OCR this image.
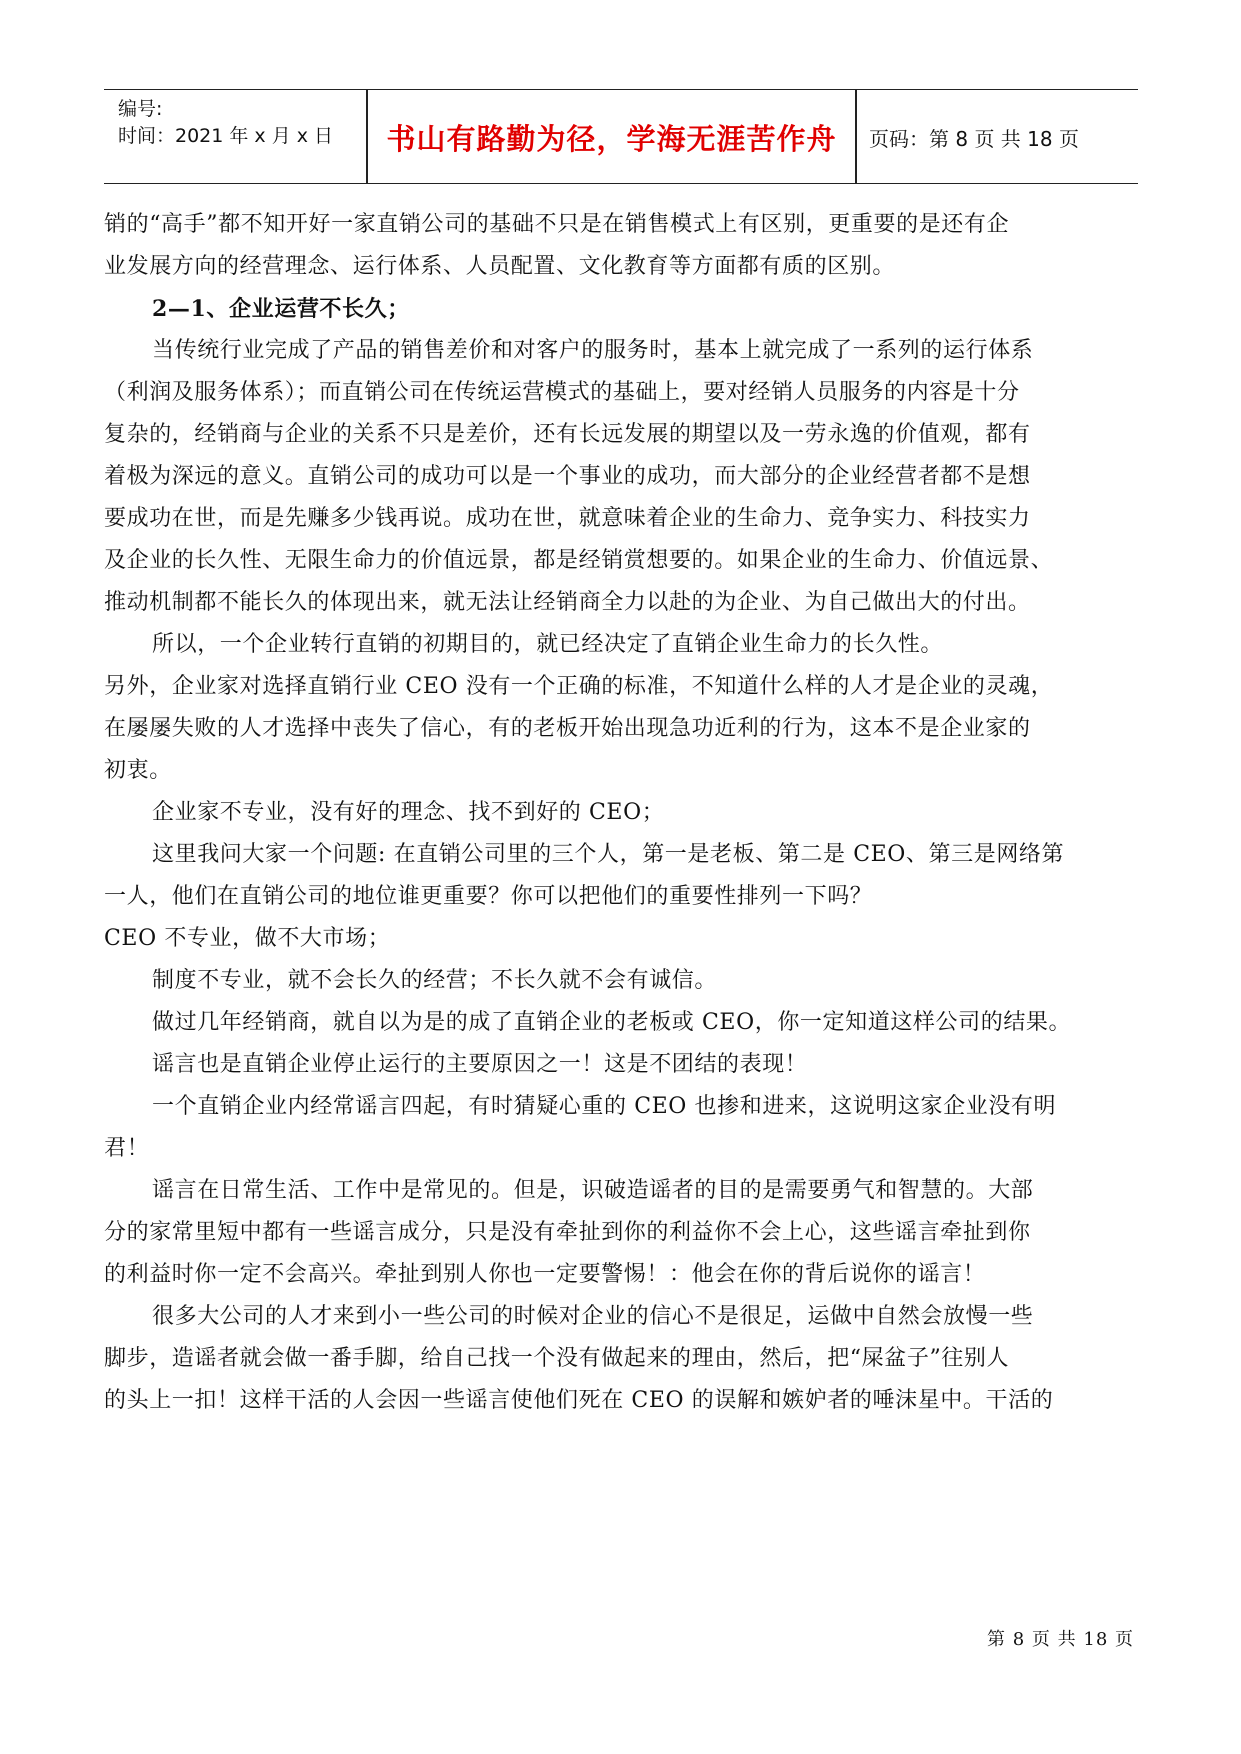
编号:
时间：2021 年 x 月 x 日	书山有路勤为径，学海无涯苦作舟	页码：第 8 页 共 18 页

销的“高手”都不知开好一家直销公司的基础不只是在销售模式上有区别，更重要的是还有企

业发展方向的经营理念、运行体系、人员配置、文化教育等方面都有质的区别。

2—1、企业运营不长久；

当传统行业完成了产品的销售差价和对客户的服务时，基本上就完成了一系列的运行体系

（利润及服务体系）；而直销公司在传统运营模式的基础上，要对经销人员服务的内容是十分

复杂的，经销商与企业的关系不只是差价，还有长远发展的期望以及一劳永逸的价值观，都有

着极为深远的意义。直销公司的成功可以是一个事业的成功，而大部分的企业经营者都不是想

要成功在世，而是先赚多少钱再说。成功在世，就意味着企业的生命力、竞争实力、科技实力

及企业的长久性、无限生命力的价值远景，都是经销赏想要的。如果企业的生命力、价值远景、

推动机制都不能长久的体现出来，就无法让经销商全力以赴的为企业、为自己做出大的付出。

所以，一个企业转行直销的初期目的，就已经决定了直销企业生命力的长久性。

另外，企业家对选择直销行业 CEO 没有一个正确的标准，不知道什么样的人才是企业的灵魂，

在屡屡失败的人才选择中丧失了信心，有的老板开始出现急功近利的行为，这本不是企业家的

初衷。

企业家不专业，没有好的理念、找不到好的 CEO；

这里我问大家一个问题: 在直销公司里的三个人，第一是老板、第二是 CEO、第三是网络第

一人，他们在直销公司的地位谁更重要？你可以把他们的重要性排列一下吗？

CEO 不专业，做不大市场；

制度不专业，就不会长久的经营；不长久就不会有诚信。

做过几年经销商，就自以为是的成了直销企业的老板或 CEO，你一定知道这样公司的结果。

谣言也是直销企业停止运行的主要原因之一！这是不团结的表现！

一个直销企业内经常谣言四起，有时猜疑心重的 CEO 也掺和进来，这说明这家企业没有明

君！

谣言在日常生活、工作中是常见的。但是，识破造谣者的目的是需要勇气和智慧的。大部

分的家常里短中都有一些谣言成分，只是没有牵扯到你的利益你不会上心，这些谣言牵扯到你

的利益时你一定不会高兴。牵扯到别人你也一定要警惕！：他会在你的背后说你的谣言！

很多大公司的人才来到小一些公司的时候对企业的信心不是很足，运做中自然会放慢一些

脚步，造谣者就会做一番手脚，给自己找一个没有做起来的理由，然后，把“屎盆子”往别人

的头上一扣！这样干活的人会因一些谣言使他们死在 CEO 的误解和嫉妒者的唾沫星中。干活的

第 8 页 共 18 页
